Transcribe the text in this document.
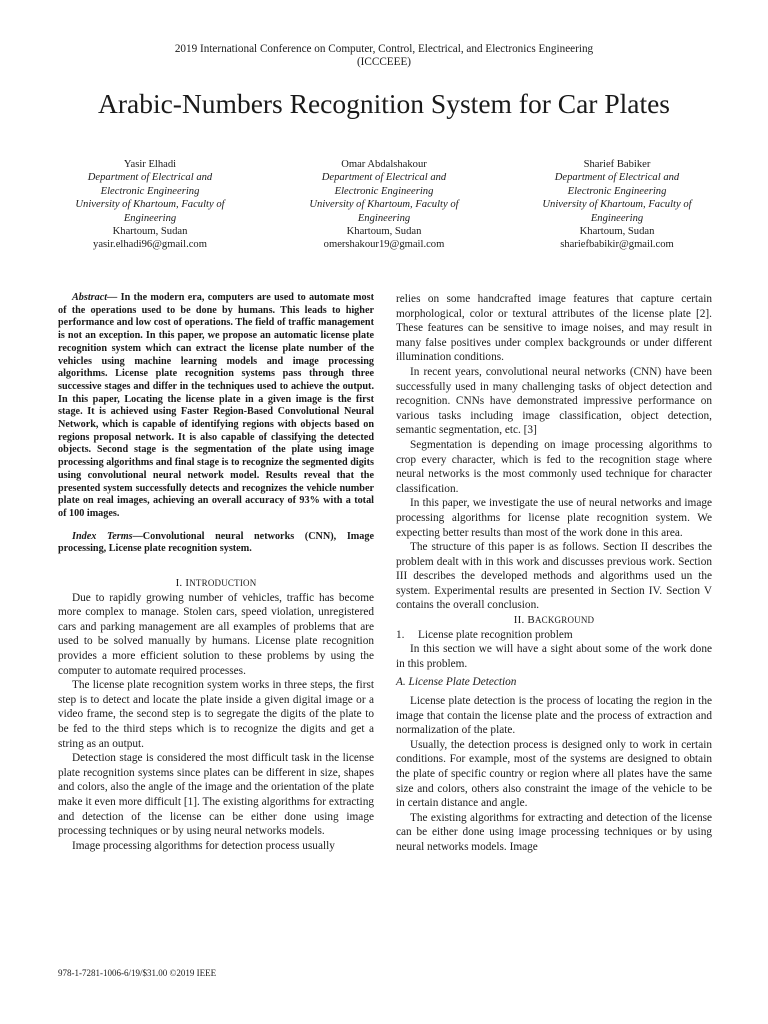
2019 International Conference on Computer, Control, Electrical, and Electronics Engineering
(ICCCEEE)
Arabic-Numbers Recognition System for Car Plates
Yasir Elhadi
Department of Electrical and
Electronic Engineering
University of Khartoum, Faculty of
Engineering
Khartoum, Sudan
yasir.elhadi96@gmail.com
Omar Abdalshakour
Department of Electrical and
Electronic Engineering
University of Khartoum, Faculty of
Engineering
Khartoum, Sudan
omershakour19@gmail.com
Sharief Babiker
Department of Electrical and
Electronic Engineering
University of Khartoum, Faculty of
Engineering
Khartoum, Sudan
shariefbabikir@gmail.com

Abstract— In the modern era, computers are used to automate most of the operations used to be done by humans. This leads to higher performance and low cost of operations. The field of traffic management is not an exception. In this paper, we propose an automatic license plate recognition system which can extract the license plate number of the vehicles using machine learning models and image processing algorithms. License plate recognition systems pass through three successive stages and differ in the techniques used to achieve the output. In this paper, Locating the license plate in a given image is the first stage. It is achieved using Faster Region-Based Convolutional Neural Network, which is capable of identifying regions with objects based on regions proposal network. It is also capable of classifying the detected objects. Second stage is the segmentation of the plate using image processing algorithms and final stage is to recognize the segmented digits using convolutional neural network model. Results reveal that the presented system successfully detects and recognizes the vehicle number plate on real images, achieving an overall accuracy of 93% with a total of 100 images.

Index Terms—Convolutional neural networks (CNN), Image processing, License plate recognition system.

I. INTRODUCTION

Due to rapidly growing number of vehicles, traffic has become more complex to manage. Stolen cars, speed violation, unregistered cars and parking management are all examples of problems that are used to be solved manually by humans. License plate recognition provides a more efficient solution to these problems by using the computer to automate required processes.

The license plate recognition system works in three steps, the first step is to detect and locate the plate inside a given digital image or a video frame, the second step is to segregate the digits of the plate to be fed to the third steps which is to recognize the digits and get a string as an output.

Detection stage is considered the most difficult task in the license plate recognition systems since plates can be different in size, shapes and colors, also the angle of the image and the orientation of the plate make it even more difficult [1]. The existing algorithms for extracting and detection of the license can be either done using image processing techniques or by using neural networks models.

Image processing algorithms for detection process usually

relies on some handcrafted image features that capture certain morphological, color or textural attributes of the license plate [2]. These features can be sensitive to image noises, and may result in many false positives under complex backgrounds or under different illumination conditions.

In recent years, convolutional neural networks (CNN) have been successfully used in many challenging tasks of object detection and recognition. CNNs have demonstrated impressive performance on various tasks including image classification, object detection, semantic segmentation, etc. [3]

Segmentation is depending on image processing algorithms to crop every character, which is fed to the recognition stage where neural networks is the most commonly used technique for character classification.

In this paper, we investigate the use of neural networks and image processing algorithms for license plate recognition system. We expecting better results than most of the work done in this area.

The structure of this paper is as follows. Section II describes the problem dealt with in this work and discusses previous work. Section III describes the developed methods and algorithms used un the system. Experimental results are presented in Section IV. Section V contains the overall conclusion.

II. BACKGROUND

1. License plate recognition problem

In this section we will have a sight about some of the work done in this problem.

A. License Plate Detection

License plate detection is the process of locating the region in the image that contain the license plate and the process of extraction and normalization of the plate.

Usually, the detection process is designed only to work in certain conditions. For example, most of the systems are designed to obtain the plate of specific country or region where all plates have the same size and colors, others also constraint the image of the vehicle to be in certain distance and angle.

The existing algorithms for extracting and detection of the license can be either done using image processing techniques or by using neural networks models. Image

978-1-7281-1006-6/19/$31.00 ©2019 IEEE
